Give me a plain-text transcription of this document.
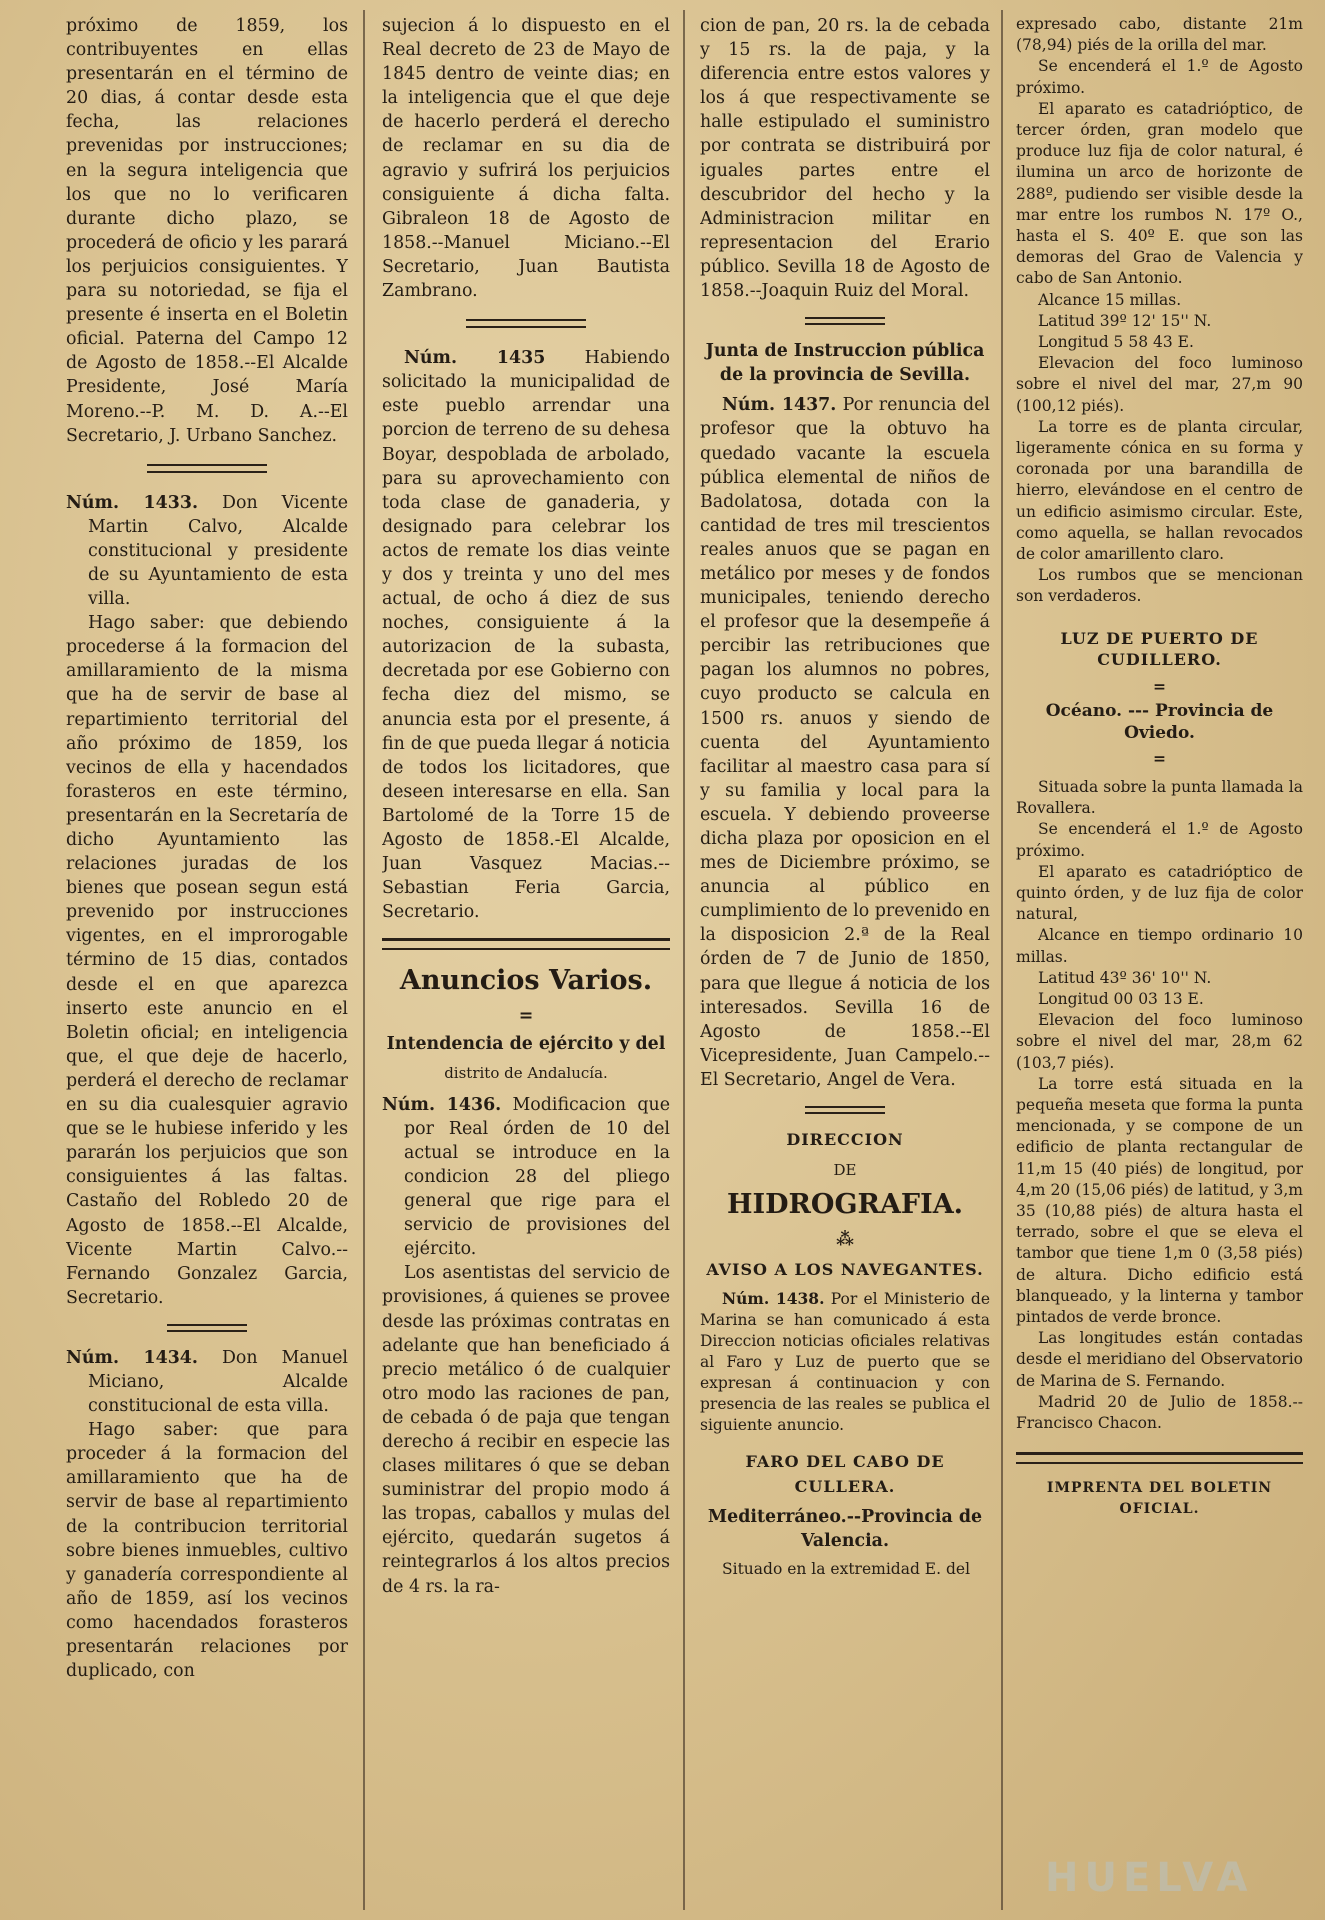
próximo de 1859, los contribuyentes en ellas presentarán en el término de 20 dias, á contar desde esta fecha, las relaciones prevenidas por instrucciones; en la segura inteligencia que los que no lo verificaren durante dicho plazo, se procederá de oficio y les parará los perjuicios consiguientes. Y para su notoriedad, se fija el presente é inserta en el Boletin oficial. Paterna del Campo 12 de Agosto de 1858.--El Alcalde Presidente, José María Moreno.--P. M. D. A.--El Secretario, J. Urbano Sanchez.

Núm. 1433. Don Vicente Martin Calvo, Alcalde constitucional y presidente de su Ayuntamiento de esta villa.

Hago saber: que debiendo procederse á la formacion del amillaramiento de la misma que ha de servir de base al repartimiento territorial del año próximo de 1859, los vecinos de ella y hacendados forasteros en este término, presentarán en la Secretaría de dicho Ayuntamiento las relaciones juradas de los bienes que posean segun está prevenido por instrucciones vigentes, en el improrogable término de 15 dias, contados desde el en que aparezca inserto este anuncio en el Boletin oficial; en inteligencia que, el que deje de hacerlo, perderá el derecho de reclamar en su dia cualesquier agravio que se le hubiese inferido y les pararán los perjuicios que son consiguientes á las faltas. Castaño del Robledo 20 de Agosto de 1858.--El Alcalde, Vicente Martin Calvo.--Fernando Gonzalez Garcia, Secretario.

Núm. 1434. Don Manuel Miciano, Alcalde constitucional de esta villa.

Hago saber: que para proceder á la formacion del amillaramiento que ha de servir de base al repartimiento de la contribucion territorial sobre bienes inmuebles, cultivo y ganadería correspondiente al año de 1859, así los vecinos como hacendados forasteros presentarán relaciones por duplicado, con

sujecion á lo dispuesto en el Real decreto de 23 de Mayo de 1845 dentro de veinte dias; en la inteligencia que el que deje de hacerlo perderá el derecho de reclamar en su dia de agravio y sufrirá los perjuicios consiguiente á dicha falta. Gibraleon 18 de Agosto de 1858.--Manuel Miciano.--El Secretario, Juan Bautista Zambrano.

Núm. 1435 Habiendo solicitado la municipalidad de este pueblo arrendar una porcion de terreno de su dehesa Boyar, despoblada de arbolado, para su aprovechamiento con toda clase de ganaderia, y designado para celebrar los actos de remate los dias veinte y dos y treinta y uno del mes actual, de ocho á diez de sus noches, consiguiente á la autorizacion de la subasta, decretada por ese Gobierno con fecha diez del mismo, se anuncia esta por el presente, á fin de que pueda llegar á noticia de todos los licitadores, que deseen interesarse en ella. San Bartolomé de la Torre 15 de Agosto de 1858.-El Alcalde, Juan Vasquez Macias.--Sebastian Feria Garcia, Secretario.

Anuncios Varios.
=
Intendencia de ejército y del
distrito de Andalucía.

Núm. 1436. Modificacion que por Real órden de 10 del actual se introduce en la condicion 28 del pliego general que rige para el servicio de provisiones del ejército.

Los asentistas del servicio de provisiones, á quienes se provee desde las próximas contratas en adelante que han beneficiado á precio metálico ó de cualquier otro modo las raciones de pan, de cebada ó de paja que tengan derecho á recibir en especie las clases militares ó que se deban suministrar del propio modo á las tropas, caballos y mulas del ejército, quedarán sugetos á reintegrarlos á los altos precios de 4 rs. la ra-

cion de pan, 20 rs. la de cebada y 15 rs. la de paja, y la diferencia entre estos valores y los á que respectivamente se halle estipulado el suministro por contrata se distribuirá por iguales partes entre el descubridor del hecho y la Administracion militar en representacion del Erario público. Sevilla 18 de Agosto de 1858.--Joaquin Ruiz del Moral.

Junta de Instruccion pública de la provincia de Sevilla.

Núm. 1437. Por renuncia del profesor que la obtuvo ha quedado vacante la escuela pública elemental de niños de Badolatosa, dotada con la cantidad de tres mil trescientos reales anuos que se pagan en metálico por meses y de fondos municipales, teniendo derecho el profesor que la desempeñe á percibir las retribuciones que pagan los alumnos no pobres, cuyo producto se calcula en 1500 rs. anuos y siendo de cuenta del Ayuntamiento facilitar al maestro casa para sí y su familia y local para la escuela. Y debiendo proveerse dicha plaza por oposicion en el mes de Diciembre próximo, se anuncia al público en cumplimiento de lo prevenido en la disposicion 2.ª de la Real órden de 7 de Junio de 1850, para que llegue á noticia de los interesados. Sevilla 16 de Agosto de 1858.--El Vicepresidente, Juan Campelo.--El Secretario, Angel de Vera.

DIRECCION
DE
HIDROGRAFIA.
⁂
AVISO A LOS NAVEGANTES.

Núm. 1438. Por el Ministerio de Marina se han comunicado á esta Direccion noticias oficiales relativas al Faro y Luz de puerto que se expresan á continuacion y con presencia de las reales se publica el siguiente anuncio.

FARO DEL CABO DE CULLERA.
Mediterráneo.--Provincia de Valencia.

Situado en la extremidad E. del

expresado cabo, distante 21m (78,94) piés de la orilla del mar.

Se encenderá el 1.º de Agosto próximo.

El aparato es catadrióptico, de tercer órden, gran modelo que produce luz fija de color natural, é ilumina un arco de horizonte de 288º, pudiendo ser visible desde la mar entre los rumbos N. 17º O., hasta el S. 40º E. que son las demoras del Grao de Valencia y cabo de San Antonio.

Alcance 15 millas.

Latitud 39º 12' 15'' N.

Longitud 5 58 43 E.

Elevacion del foco luminoso sobre el nivel del mar, 27,m 90 (100,12 piés).

La torre es de planta circular, ligeramente cónica en su forma y coronada por una barandilla de hierro, elevándose en el centro de un edificio asimismo circular. Este, como aquella, se hallan revocados de color amarillento claro.

Los rumbos que se mencionan son verdaderos.

LUZ DE PUERTO DE CUDILLERO.
=
Océano. --- Provincia de Oviedo.
=

Situada sobre la punta llamada la Rovallera.

Se encenderá el 1.º de Agosto próximo.

El aparato es catadrióptico de quinto órden, y de luz fija de color natural,

Alcance en tiempo ordinario 10 millas.

Latitud 43º 36' 10'' N.

Longitud 00 03 13 E.

Elevacion del foco luminoso sobre el nivel del mar, 28,m 62 (103,7 piés).

La torre está situada en la pequeña meseta que forma la punta mencionada, y se compone de un edificio de planta rectangular de 11,m 15 (40 piés) de longitud, por 4,m 20 (15,06 piés) de latitud, y 3,m 35 (10,88 piés) de altura hasta el terrado, sobre el que se eleva el tambor que tiene 1,m 0 (3,58 piés) de altura. Dicho edificio está blanqueado, y la linterna y tambor pintados de verde bronce.

Las longitudes están contadas desde el meridiano del Observatorio de Marina de S. Fernando.

Madrid 20 de Julio de 1858.--Francisco Chacon.

IMPRENTA DEL BOLETIN OFICIAL.
HUELVA
